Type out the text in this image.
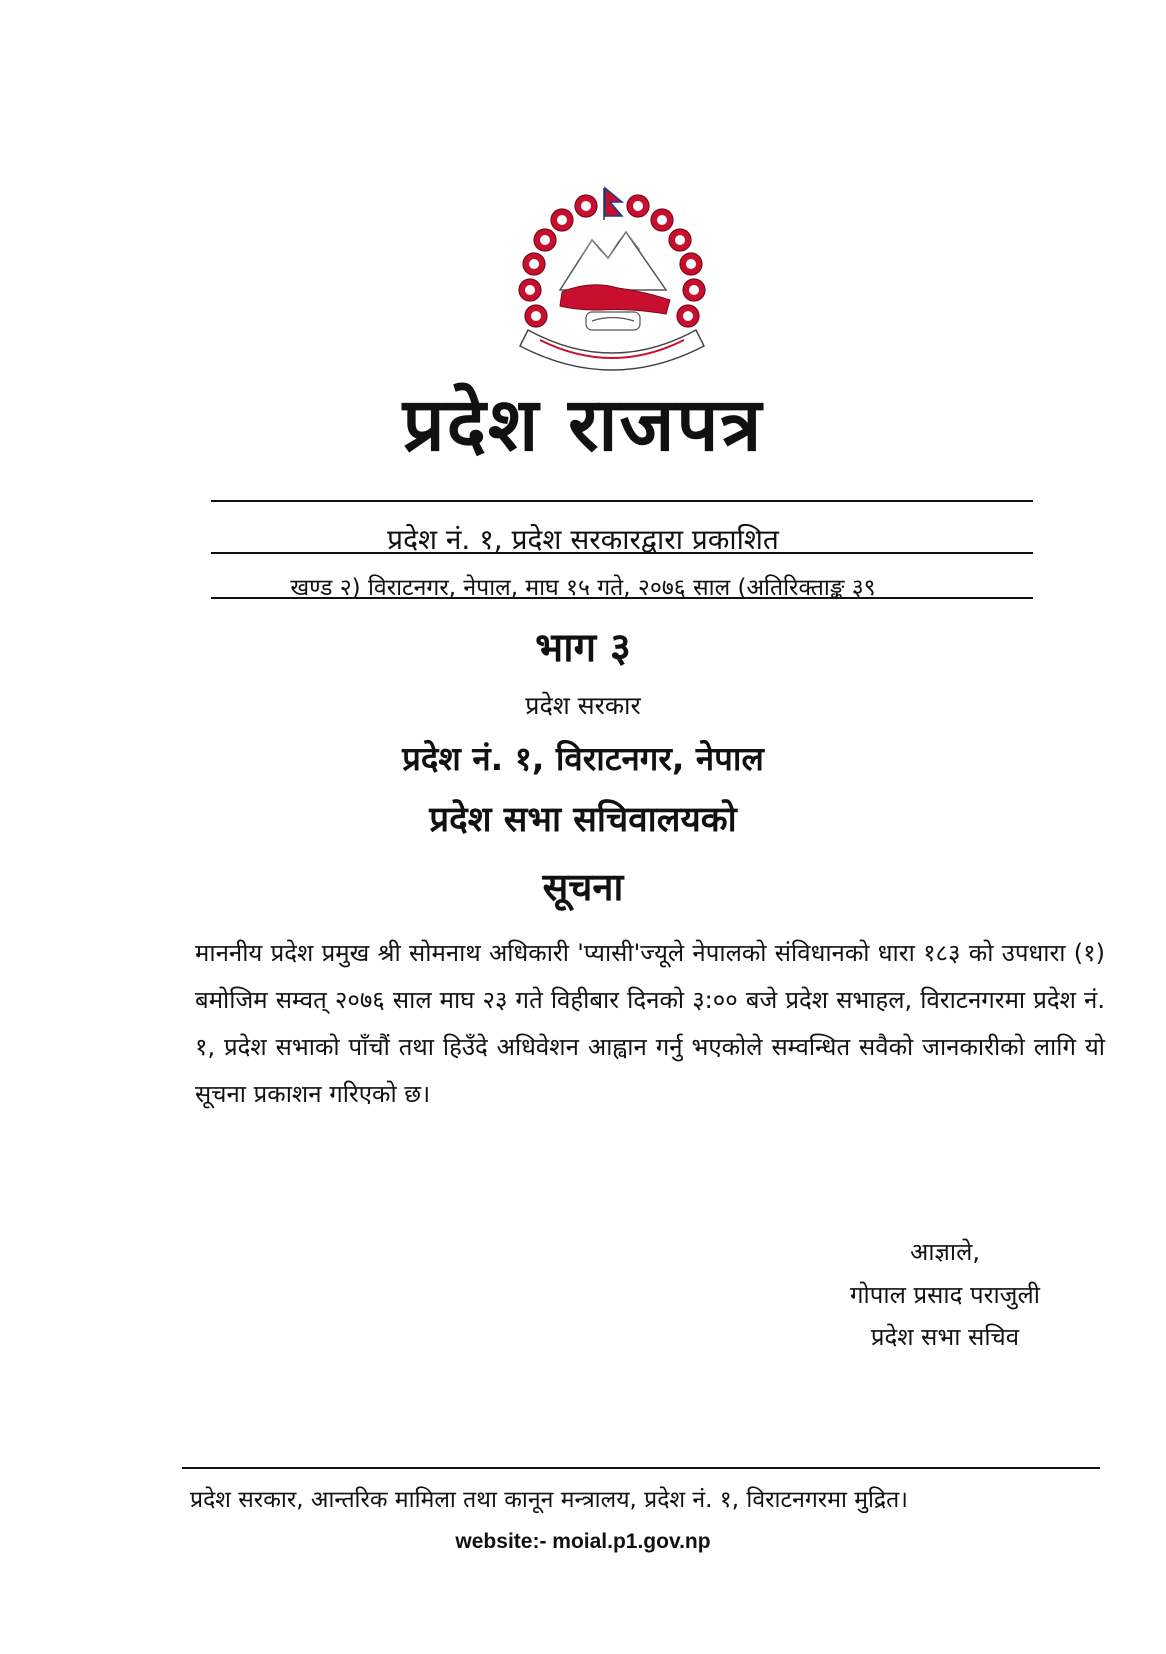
प्रदेश राजपत्र
प्रदेश नं. १, प्रदेश सरकारद्वारा प्रकाशित
खण्ड २) विराटनगर, नेपाल, माघ १५ गते, २०७६ साल (अतिरिक्ताङ्क ३९
भाग ३
प्रदेश सरकार
प्रदेश नं. १, विराटनगर, नेपाल
प्रदेश सभा सचिवालयको
सूचना
माननीय प्रदेश प्रमुख श्री सोमनाथ अधिकारी 'प्यासी'ज्यूले नेपालको संविधानको धारा १८३ को उपधारा (१) बमोजिम सम्वत् २०७६ साल माघ २३ गते विहीबार दिनको ३:०० बजे प्रदेश सभाहल, विराटनगरमा प्रदेश नं. १, प्रदेश सभाको पाँचौं तथा हिउँदे अधिवेशन आह्वान गर्नु भएकोले सम्वन्धित सवैको जानकारीको लागि यो सूचना प्रकाशन गरिएको छ।
आज्ञाले,
गोपाल प्रसाद पराजुली
प्रदेश सभा सचिव
प्रदेश सरकार, आन्तरिक मामिला तथा कानून मन्त्रालय, प्रदेश नं. १, विराटनगरमा मुद्रित।
website:- moial.p1.gov.np
